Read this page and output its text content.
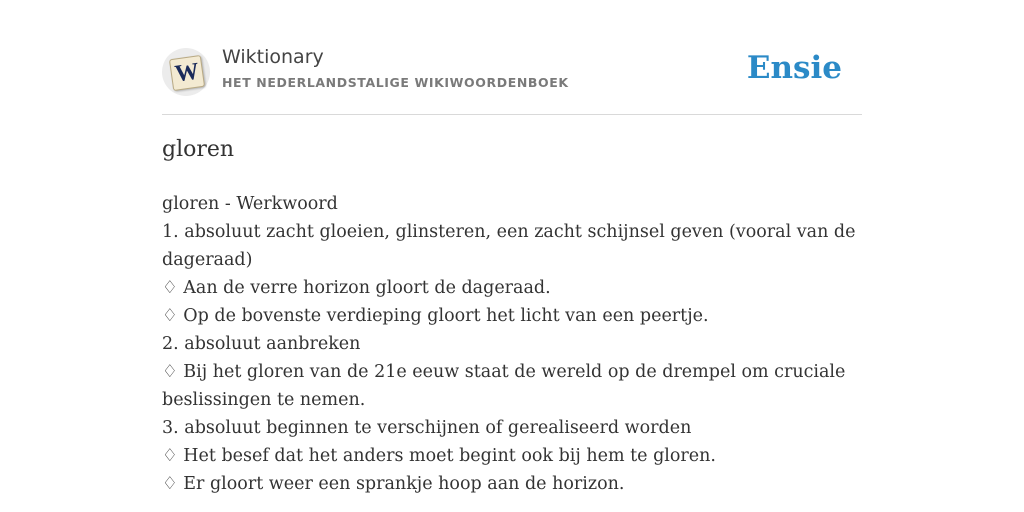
W
Wiktionary
HET NEDERLANDSTALIGE WIKIWOORDENBOEK	Ensie
gloren
gloren - Werkwoord
1. absoluut zacht gloeien, glinsteren, een zacht schijnsel geven (vooral van de dageraad)
♢ Aan de verre horizon gloort de dageraad.
♢ Op de bovenste verdieping gloort het licht van een peertje.
2. absoluut aanbreken
♢ Bij het gloren van de 21e eeuw staat de wereld op de drempel om cruciale beslissingen te nemen.
3. absoluut beginnen te verschijnen of gerealiseerd worden
♢ Het besef dat het anders moet begint ook bij hem te gloren.
♢ Er gloort weer een sprankje hoop aan de horizon.
